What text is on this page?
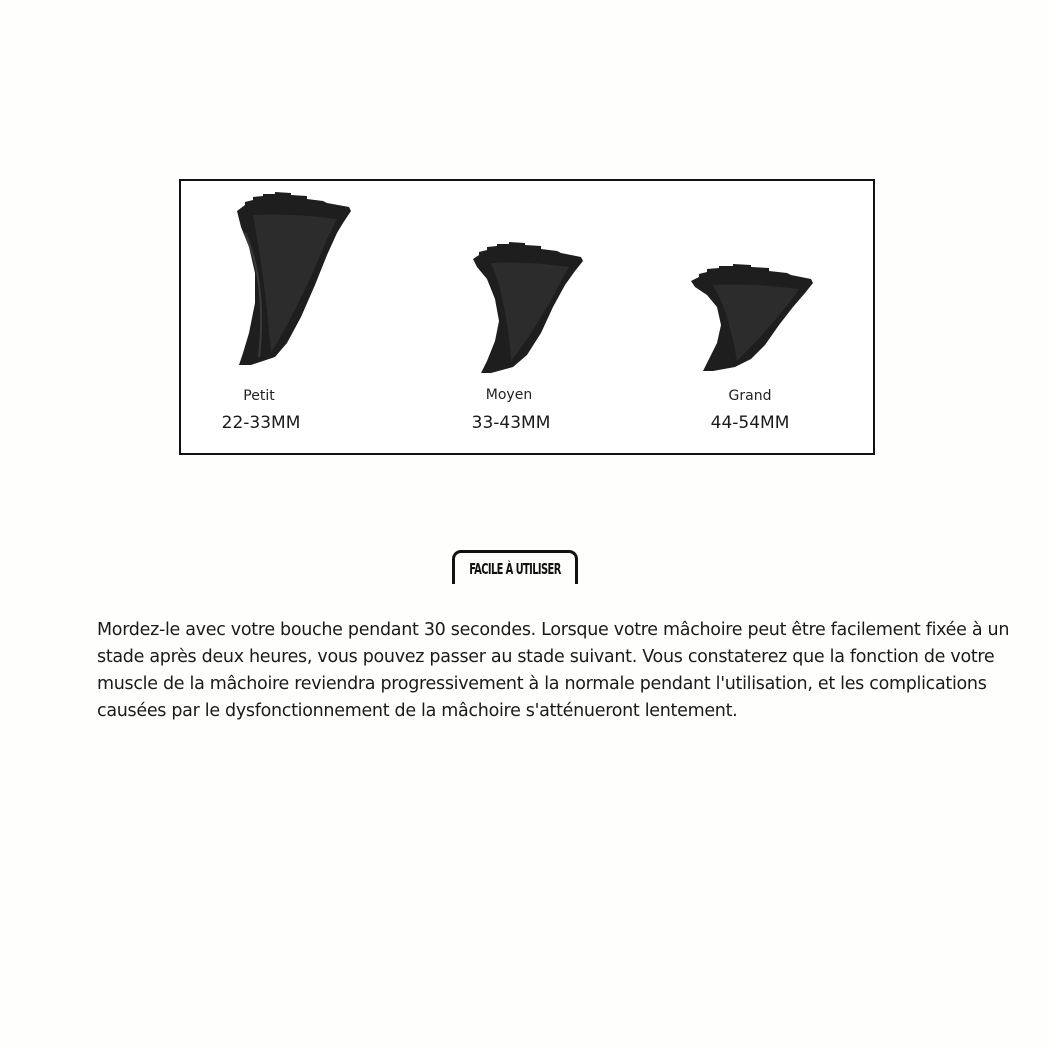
Petit
22-33MM
Moyen
33-43MM
Grand
44-54MM
FACILE À UTILISER

Mordez-le avec votre bouche pendant 30 secondes. Lorsque votre mâchoire peut être facilement fixée à un stade après deux heures, vous pouvez passer au stade suivant. Vous constaterez que la fonction de votre muscle de la mâchoire reviendra progressivement à la normale pendant l'utilisation, et les complications causées par le dysfonctionnement de la mâchoire s'atténueront lentement.
